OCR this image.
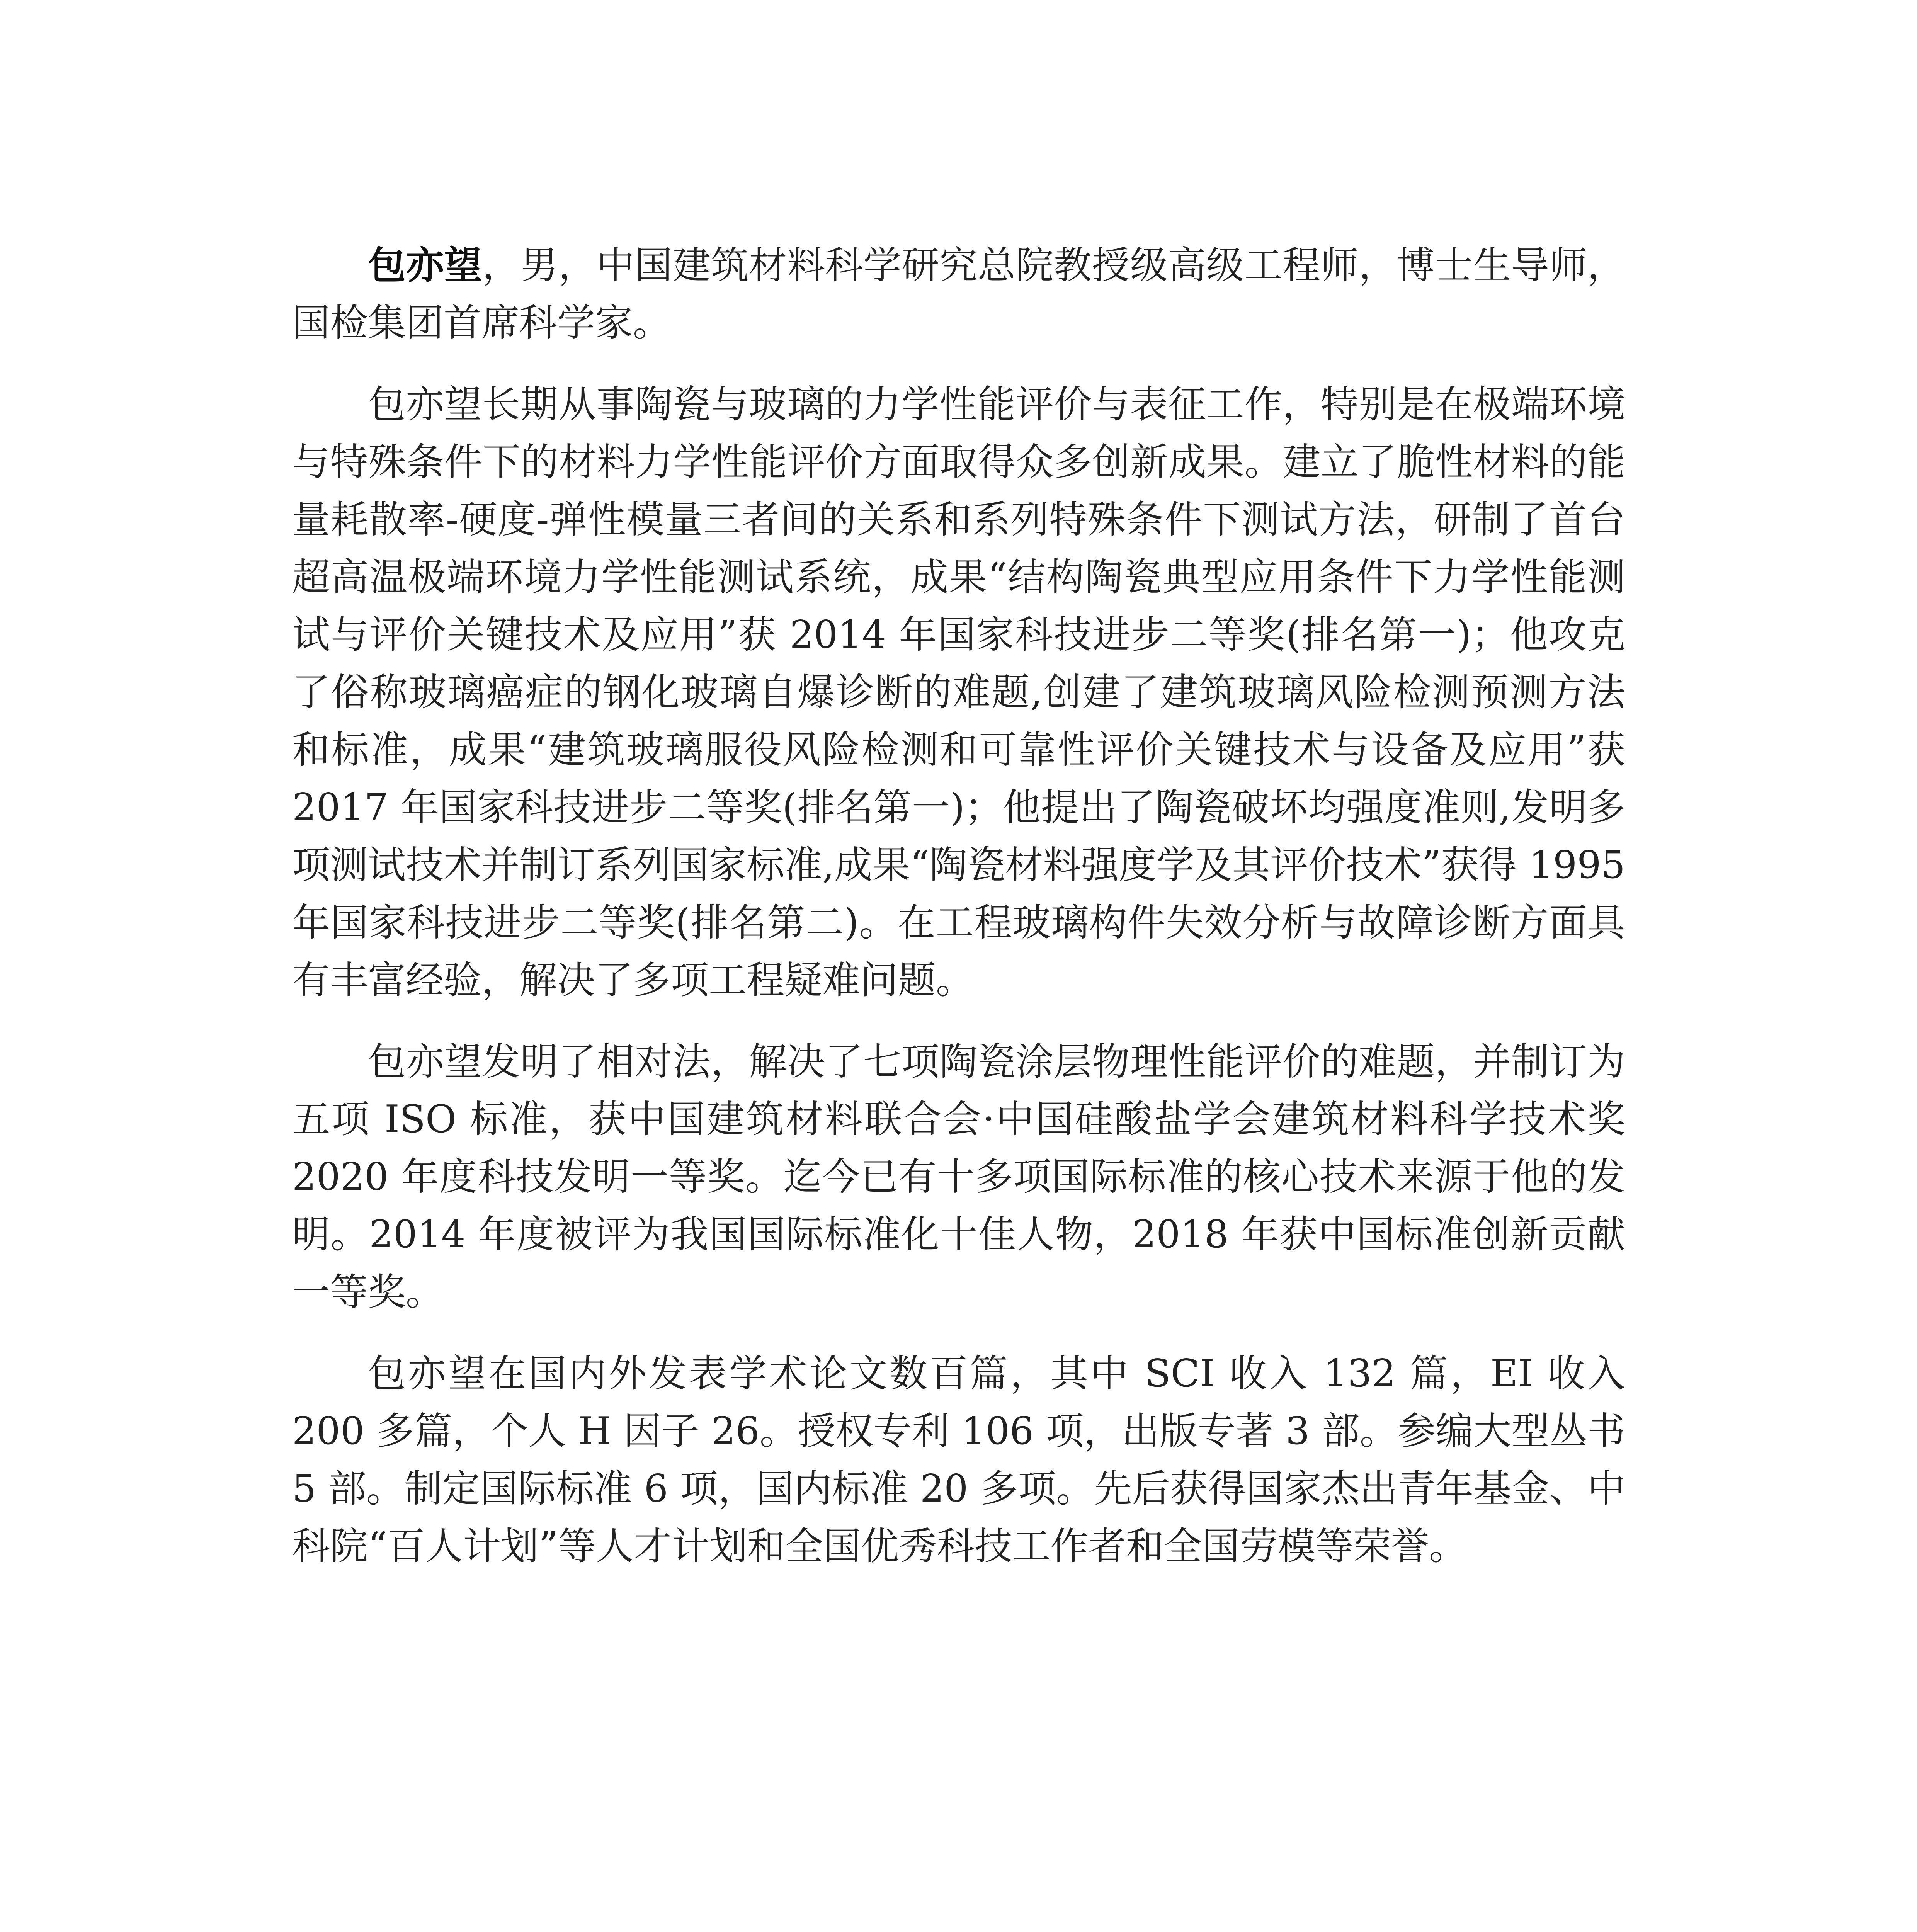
包亦望，男，中国建筑材料科学研究总院教授级高级工程师，博士生导师，国检集团首席科学家。

包亦望长期从事陶瓷与玻璃的力学性能评价与表征工作，特别是在极端环境与特殊条件下的材料力学性能评价方面取得众多创新成果。建立了脆性材料的能量耗散率-硬度-弹性模量三者间的关系和系列特殊条件下测试方法，研制了首台超高温极端环境力学性能测试系统，成果“结构陶瓷典型应用条件下力学性能测试与评价关键技术及应用”获 2014 年国家科技进步二等奖(排名第一)；他攻克了俗称玻璃癌症的钢化玻璃自爆诊断的难题,创建了建筑玻璃风险检测预测方法和标准，成果“建筑玻璃服役风险检测和可靠性评价关键技术与设备及应用”获 2017 年国家科技进步二等奖(排名第一)；他提出了陶瓷破坏均强度准则,发明多项测试技术并制订系列国家标准,成果“陶瓷材料强度学及其评价技术”获得 1995 年国家科技进步二等奖(排名第二)。在工程玻璃构件失效分析与故障诊断方面具有丰富经验，解决了多项工程疑难问题。

包亦望发明了相对法，解决了七项陶瓷涂层物理性能评价的难题，并制订为五项 ISO 标准，获中国建筑材料联合会·中国硅酸盐学会建筑材料科学技术奖 2020 年度科技发明一等奖。迄今已有十多项国际标准的核心技术来源于他的发明。2014 年度被评为我国国际标准化十佳人物，2018 年获中国标准创新贡献一等奖。

包亦望在国内外发表学术论文数百篇，其中 SCI 收入 132 篇，EI 收入 200 多篇，个人 H 因子 26。授权专利 106 项，出版专著 3 部。参编大型丛书 5 部。制定国际标准 6 项，国内标准 20 多项。先后获得国家杰出青年基金、中科院“百人计划”等人才计划和全国优秀科技工作者和全国劳模等荣誉。
